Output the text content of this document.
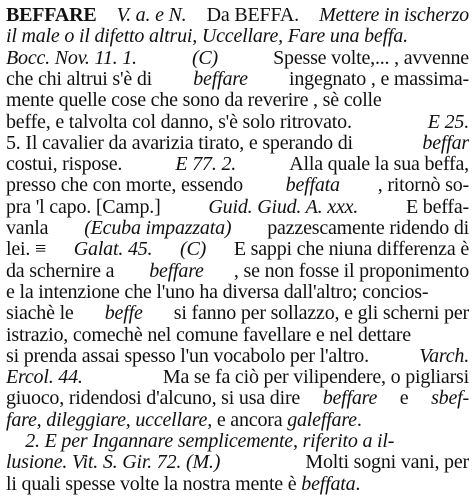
BEFFARE V. a. e N. Da BEFFA. Mettere in ischerzo
il male o il difetto altrui, Uccellare, Fare una beffa.
Bocc. Nov. 11. 1.	(C)	Spesse volte,... , avvenne
che chi altrui s'è di beffare ingegnato , e massima-
mente quelle cose che sono da reverire , sè colle
beffe, e talvolta col danno, s'è solo ritrovato.	E 25.
5. Il cavalier da avarizia tirato, e sperando di	beffar
costui, rispose.	E 77. 2.	Alla quale la sua beffa,
presso che con morte, essendo beffata , ritornò so-
pra 'l capo. [Camp.] Guid. Giud. A. xxx. E beffa-
vanla (Ecuba impazzata) pazzescamente ridendo di
lei. ≡ Galat. 45. (C) E sappi che niuna differenza è
da schernire a beffare , se non fosse il proponimento
e la intenzione che l'uno ha diversa dall'altro; concios-
siachè le beffe si fanno per sollazzo, e gli scherni per
istrazio, comechè nel comune favellare e nel dettare
si prenda assai spesso l'un vocabolo per l'altro.	Varch.
Ercol. 44.	Ma se fa ciò per vilipendere, o pigliarsi
giuoco, ridendosi d'alcuno, si usa dire beffare e sbef-
fare, dileggiare, uccellare, e ancora galeffare.
2. E per Ingannare semplicemente, riferito a il-
lusione. Vit. S. Gir. 72. (M.)	Molti sogni vani, per
li quali spesse volte la nostra mente è beffata.
